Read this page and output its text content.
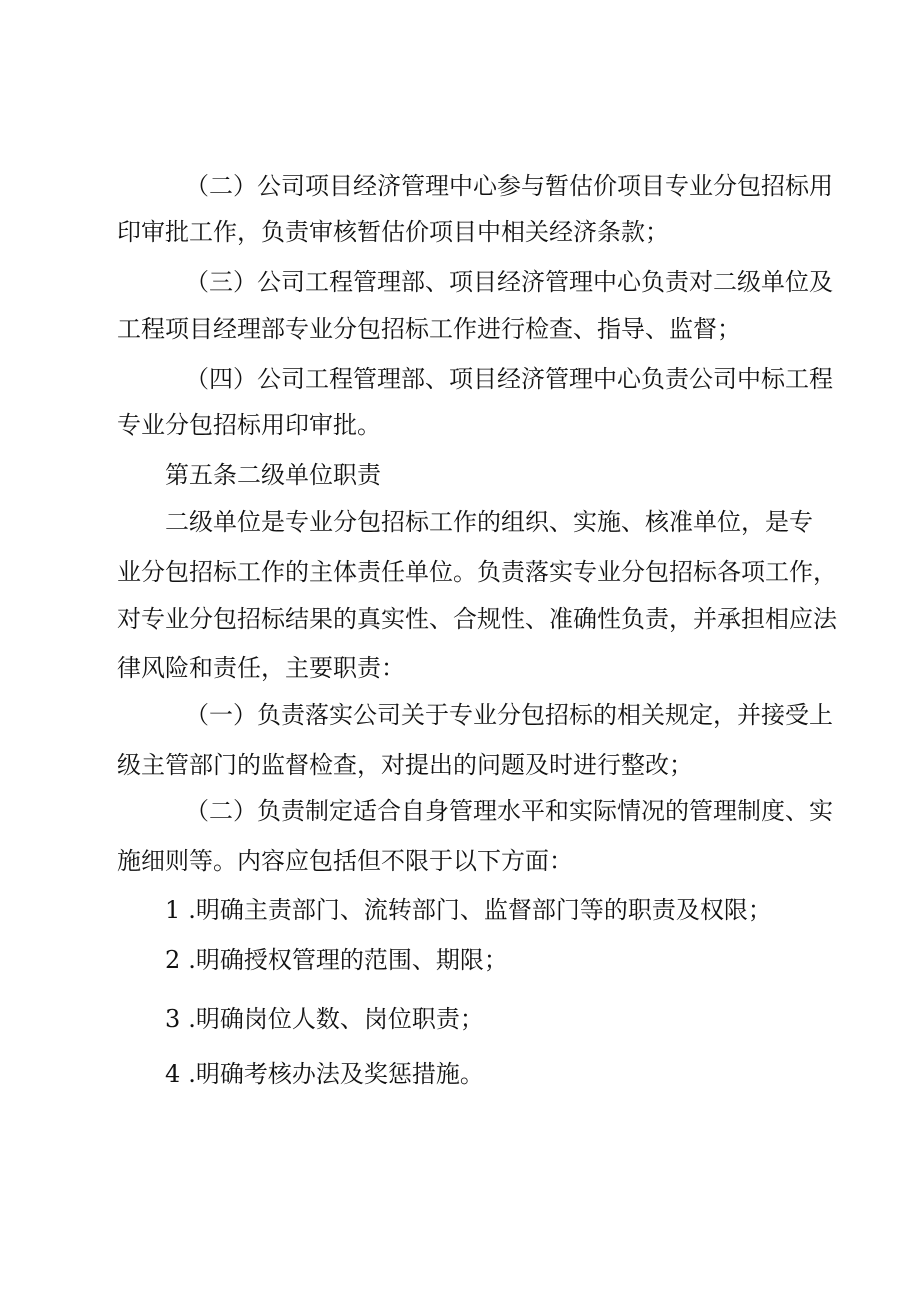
（二）公司项目经济管理中心参与暂估价项目专业分包招标用
印审批工作，负责审核暂估价项目中相关经济条款；
（三）公司工程管理部、项目经济管理中心负责对二级单位及
工程项目经理部专业分包招标工作进行检查、指导、监督；
（四）公司工程管理部、项目经济管理中心负责公司中标工程
专业分包招标用印审批。
第五条二级单位职责
二级单位是专业分包招标工作的组织、实施、核准单位，是专
业分包招标工作的主体责任单位。负责落实专业分包招标各项工作，
对专业分包招标结果的真实性、合规性、准确性负责，并承担相应法
律风险和责任，主要职责：
（一）负责落实公司关于专业分包招标的相关规定，并接受上
级主管部门的监督检查，对提出的问题及时进行整改；
（二）负责制定适合自身管理水平和实际情况的管理制度、实
施细则等。内容应包括但不限于以下方面：
1 .明确主责部门、流转部门、监督部门等的职责及权限；
2 .明确授权管理的范围、期限；
3 .明确岗位人数、岗位职责；
4 .明确考核办法及奖惩措施。
